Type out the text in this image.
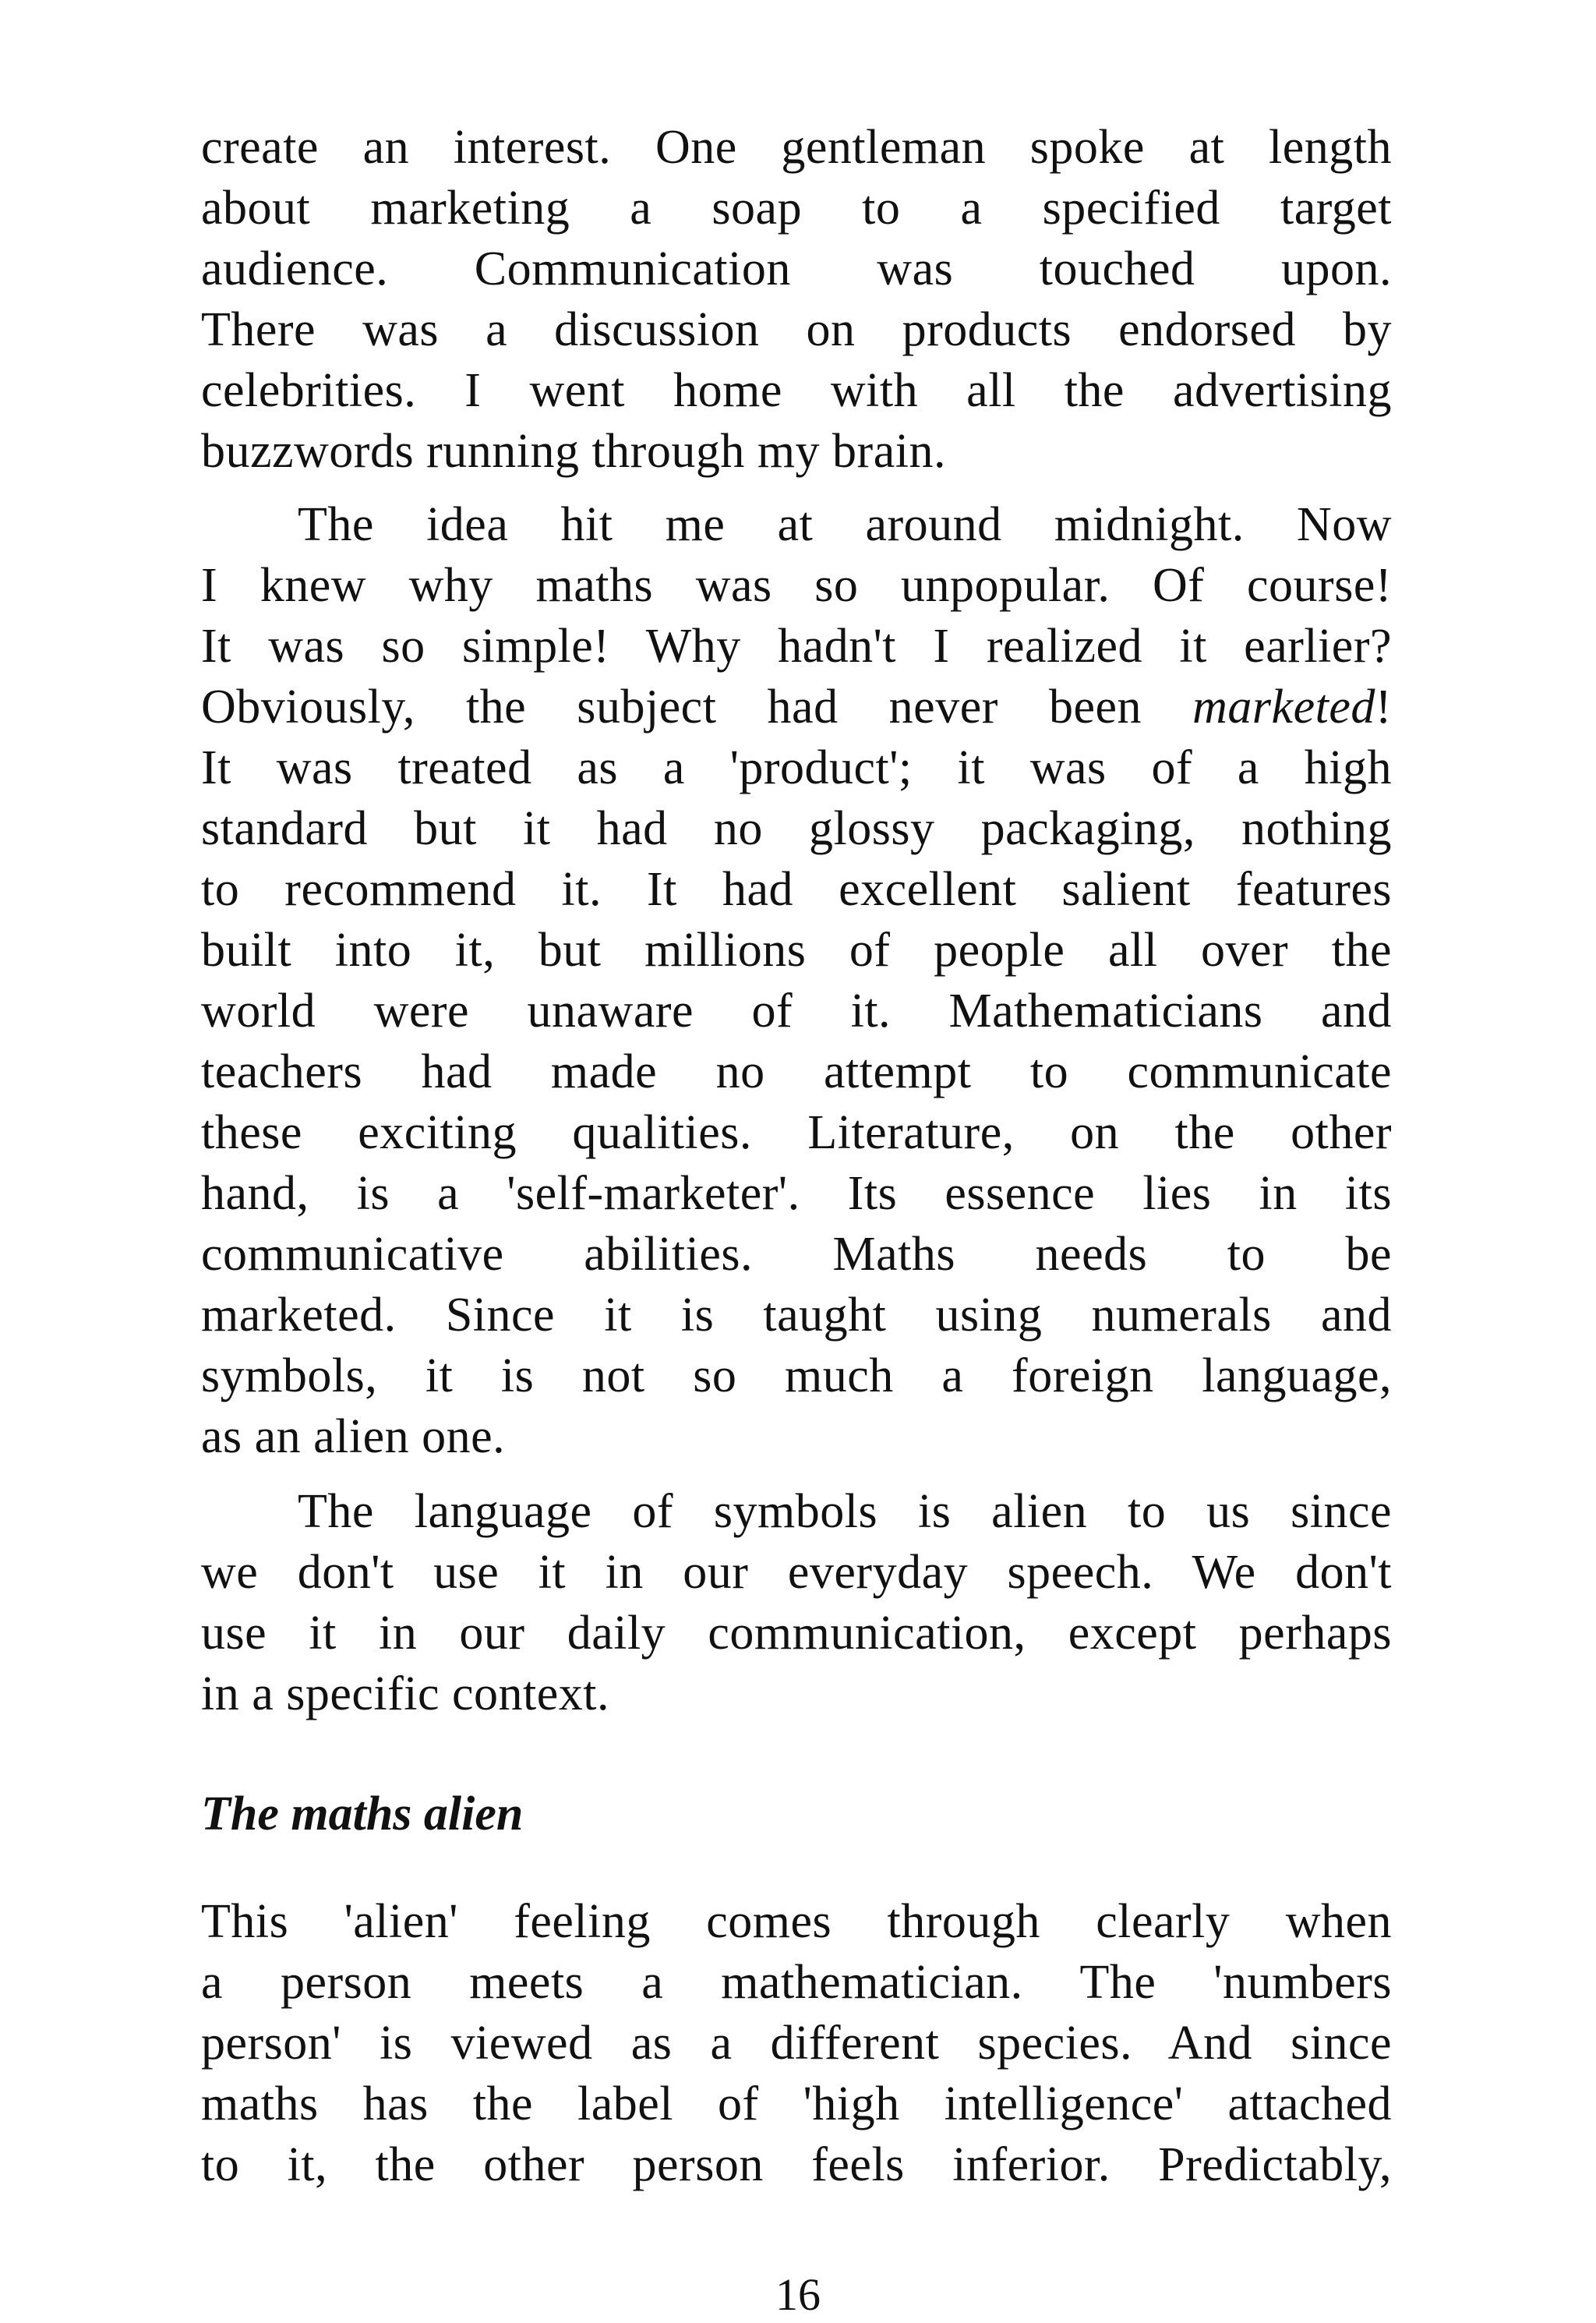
create an interest. One gentleman spoke at length
about marketing a soap to a specified target
audience. Communication was touched upon.
There was a discussion on products endorsed by
celebrities. I went home with all the advertising
buzzwords running through my brain.
The idea hit me at around midnight. Now
I knew why maths was so unpopular. Of course!
It was so simple! Why hadn't I realized it earlier?
Obviously, the subject had never been marketed!
It was treated as a 'product'; it was of a high
standard but it had no glossy packaging, nothing
to recommend it. It had excellent salient features
built into it, but millions of people all over the
world were unaware of it. Mathematicians and
teachers had made no attempt to communicate
these exciting qualities. Literature, on the other
hand, is a 'self-marketer'. Its essence lies in its
communicative abilities. Maths needs to be
marketed. Since it is taught using numerals and
symbols, it is not so much a foreign language,
as an alien one.
The language of symbols is alien to us since
we don't use it in our everyday speech. We don't
use it in our daily communication, except perhaps
in a specific context.
The maths alien
This 'alien' feeling comes through clearly when
a person meets a mathematician. The 'numbers
person' is viewed as a different species. And since
maths has the label of 'high intelligence' attached
to it, the other person feels inferior. Predictably,
16
